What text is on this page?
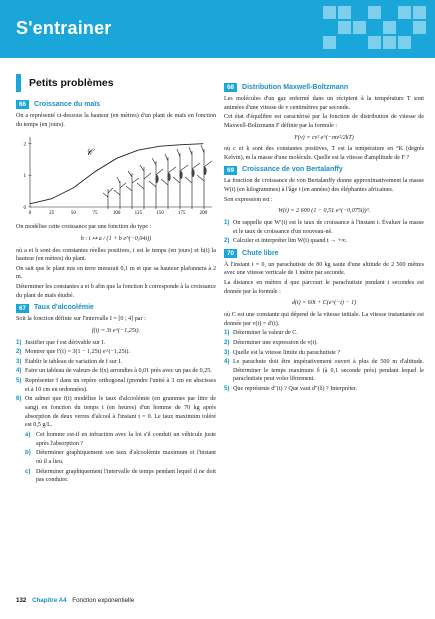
S'entrainer
Petits problèmes
66	Croissance du maïs

On a représenté ci-dessous la hauteur (en mètres) d'un plant de maïs en fonction du temps (en jours).

0	25	50	75	100	125	150	175	200
0
1
2
𝒞

On modélise cette croissance par une fonction du type :

h : t ↦ a / (1 + b e^(−0,04t))

où a et b sont des constantes réelles positives, t est le temps (en jours) et h(t) la hauteur (en mètres) du plant.

On sait que le plant mis en terre mesurait 0,1 m et que sa hauteur plafonnera à 2 m.

Déterminer les constantes a et b afin que la fonction h corresponde à la croissance du plant de maïs étudié.

67	Taux d'alcoolémie

Soit la fonction définie sur l'intervalle I = [0 ; 4] par :

f(t) = 3t e^(−1,25t).
1) Justifier que f est dérivable sur I.
2) Montrer que f′(t) = 3(1 − 1,25t) e^(−1,25t).
3) Établir le tableau de variation de f sur I.
4) Faire un tableau de valeurs de f(x) arrondies à 0,01 près avec un pas de 0,25.
5) Représenter f dans un repère orthogonal (prendre l'unité à 3 cm en abscisses et à 10 cm en ordonnées).
6) On admet que f(t) modélise le taux d'alcoolémie (en grammes par litre de sang) en fonction du temps t (en heures) d'un homme de 70 kg après absorption de deux verres d'alcool à l'instant t = 0. Le taux maximum toléré est 0,5 g/L.
a) Cet homme est-il en infraction avec la loi s'il conduit un véhicule juste après l'absorption ?
b) Déterminer graphiquement son taux d'alcoolémie maximum et l'instant où il a lieu.
c) Déterminer graphiquement l'intervalle de temps pendant lequel il ne doit pas conduire.
68	Distribution Maxwell-Boltzmann

Les molécules d'un gaz enfermé dans un récipient à la température T sont animées d'une vitesse de v centimètres par seconde.

Cet état d'équilibre est caractérisé par la fonction de distribution de vitesse de Maxwell-Boltzmann F définie par la formule :

F(v) = cv² e^(−mv²/2kT)

où c et k sont des constantes positives, T est la température en °K (degrés Kelvin), m la masse d'une molécule. Quelle est la vitesse d'amplitude de F ?

69	Croissance de von Bertalanffy

La fonction de croissance de von Bertalanffy donne approximativement la masse W(t) (en kilogrammes) à l'âge t (en années) des éléphantes africaines.

Son expression est :

W(t) = 2 600 (1 − 0,51 e^(−0,075t))³.
1) On rappelle que W′(t) est le taux de croissance à l'instant t. Évaluer la masse et le taux de croissance d'un nouveau-né.
2) Calculer et interpréter lim W(t) quand t → +∞.
70	Chute libre

À l'instant t = 0, un parachutiste de 80 kg saute d'une altitude de 2 500 mètres avec une vitesse verticale de 1 mètre par seconde.

La distance en mètres d que parcourt le parachutiste pendant t secondes est donnée par la formule :

d(t) = 60t + C(e^(−t) − 1)

où C est une constante qui dépend de la vitesse initiale. La vitesse instantanée est donnée par v(t) = d′(t).

1) Déterminer la valeur de C.
2) Déterminer une expression de v(t).
3) Quelle est la vitesse limite du parachutiste ?
4) Le parachute doit être impérativement ouvert à plus de 500 m d'altitude. Déterminer le temps maximum δ (à 0,1 seconde près) pendant lequel le parachutiste peut voler librement.
5) Que représente d″(t) ? Que vaut d″(δ) ? Interpréter.
132 Chapitre A4 Fonction exponentielle
